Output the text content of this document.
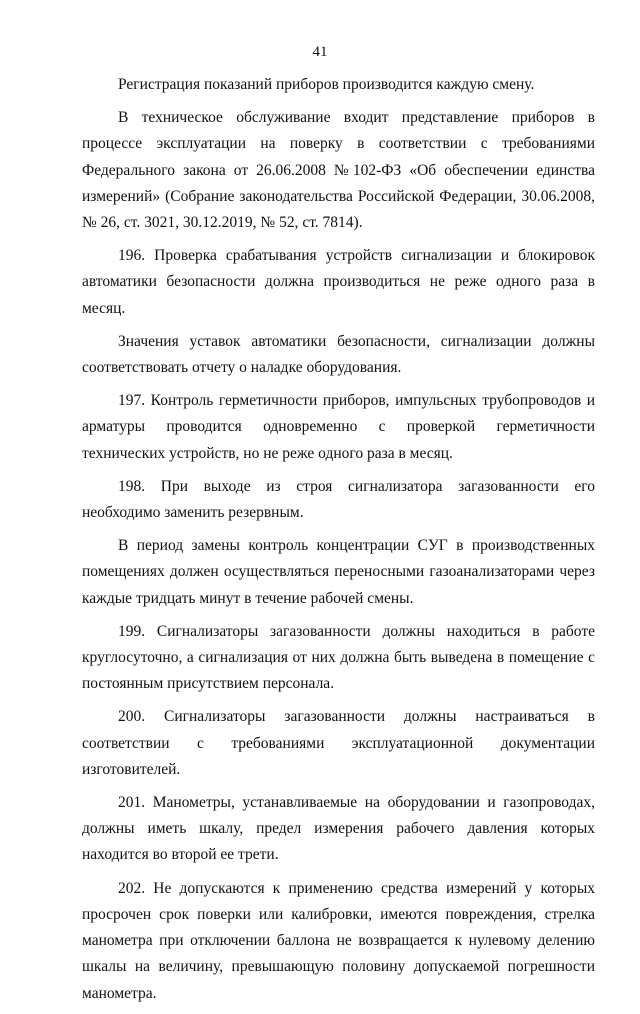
41

Регистрация показаний приборов производится каждую смену.

В техническое обслуживание входит представление приборов в процессе эксплуатации на поверку в соответствии с требованиями Федерального закона от 26.06.2008 №102-ФЗ «Об обеспечении единства измерений» (Собрание законодательства Российской Федерации, 30.06.2008, № 26, ст. 3021, 30.12.2019, № 52, ст. 7814).

196. Проверка срабатывания устройств сигнализации и блокировок автоматики безопасности должна производиться не реже одного раза в месяц.

Значения уставок автоматики безопасности, сигнализации должны соответствовать отчету о наладке оборудования.

197. Контроль герметичности приборов, импульсных трубопроводов и арматуры проводится одновременно с проверкой герметичности технических устройств, но не реже одного раза в месяц.

198. При выходе из строя сигнализатора загазованности его необходимо заменить резервным.

В период замены контроль концентрации СУГ в производственных помещениях должен осуществляться переносными газоанализаторами через каждые тридцать минут в течение рабочей смены.

199. Сигнализаторы загазованности должны находиться в работе круглосуточно, а сигнализация от них должна быть выведена в помещение с постоянным присутствием персонала.

200. Сигнализаторы загазованности должны настраиваться в соответствии с требованиями эксплуатационной документации изготовителей.

201. Манометры, устанавливаемые на оборудовании и газопроводах, должны иметь шкалу, предел измерения рабочего давления которых находится во второй ее трети.

202. Не допускаются к применению средства измерений у которых просрочен срок поверки или калибровки, имеются повреждения, стрелка манометра при отключении баллона не возвращается к нулевому делению шкалы на величину, превышающую половину допускаемой погрешности манометра.
